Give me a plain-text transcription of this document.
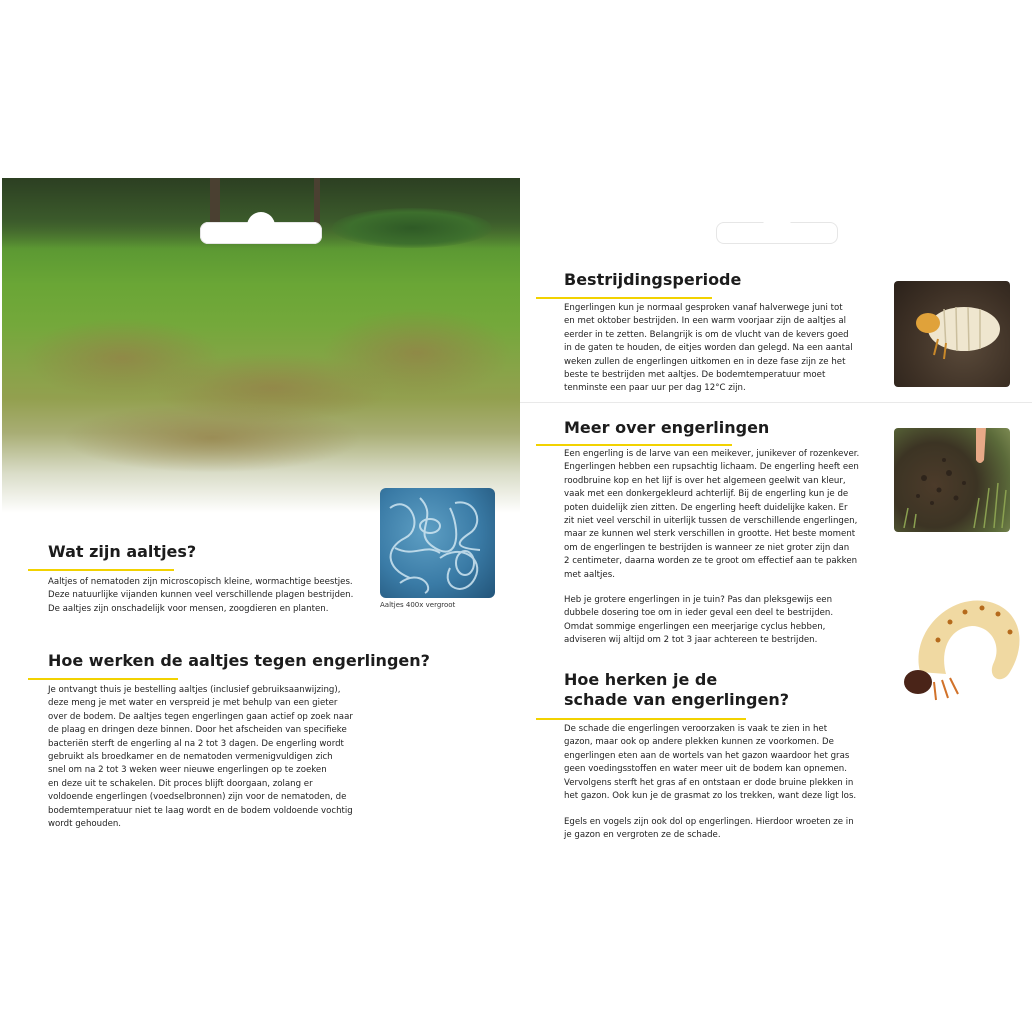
Aaltjes 400x vergroot
Wat zijn aaltjes?

Aaltjes of nematoden zijn microscopisch kleine, wormachtige beestjes.
Deze natuurlijke vijanden kunnen veel verschillende plagen bestrijden.
De aaltjes zijn onschadelijk voor mensen, zoogdieren en planten.

Hoe werken de aaltjes tegen engerlingen?

Je ontvangt thuis je bestelling aaltjes (inclusief gebruiksaanwijzing),
deze meng je met water en verspreid je met behulp van een gieter
over de bodem. De aaltjes tegen engerlingen gaan actief op zoek naar
de plaag en dringen deze binnen. Door het afscheiden van specifieke
bacteriën sterft de engerling al na 2 tot 3 dagen. De engerling wordt
gebruikt als broedkamer en de nematoden vermenigvuldigen zich
snel om na 2 tot 3 weken weer nieuwe engerlingen op te zoeken
en deze uit te schakelen. Dit proces blijft doorgaan, zolang er
voldoende engerlingen (voedselbronnen) zijn voor de nematoden, de
bodemtemperatuur niet te laag wordt en de bodem voldoende vochtig
wordt gehouden.

Bestrijdingsperiode

Engerlingen kun je normaal gesproken vanaf halverwege juni tot
en met oktober bestrijden. In een warm voorjaar zijn de aaltjes al
eerder in te zetten. Belangrijk is om de vlucht van de kevers goed
in de gaten te houden, de eitjes worden dan gelegd. Na een aantal
weken zullen de engerlingen uitkomen en in deze fase zijn ze het
beste te bestrijden met aaltjes. De bodemtemperatuur moet tenminste een paar uur per dag 12°C zijn.

Meer over engerlingen

Een engerling is de larve van een meikever, junikever of rozenkever.
Engerlingen hebben een rupsachtig lichaam. De engerling heeft een
roodbruine kop en het lijf is over het algemeen geelwit van kleur,
vaak met een donkergekleurd achterlijf. Bij de engerling kun je de
poten duidelijk zien zitten. De engerling heeft duidelijke kaken. Er
zit niet veel verschil in uiterlijk tussen de verschillende engerlingen,
maar ze kunnen wel sterk verschillen in grootte. Het beste moment
om de engerlingen te bestrijden is wanneer ze niet groter zijn dan
2 centimeter, daarna worden ze te groot om effectief aan te pakken
met aaltjes.

Heb je grotere engerlingen in je tuin? Pas dan pleksgewijs een
dubbele dosering toe om in ieder geval een deel te bestrijden.
Omdat sommige engerlingen een meerjarige cyclus hebben,
adviseren wij altijd om 2 tot 3 jaar achtereen te bestrijden.

Hoe herken je de
schade van engerlingen?

De schade die engerlingen veroorzaken is vaak te zien in het
gazon, maar ook op andere plekken kunnen ze voorkomen. De
engerlingen eten aan de wortels van het gazon waardoor het gras
geen voedingsstoffen en water meer uit de bodem kan opnemen.
Vervolgens sterft het gras af en ontstaan er dode bruine plekken in
het gazon. Ook kun je de grasmat zo los trekken, want deze ligt los.

Egels en vogels zijn ook dol op engerlingen. Hierdoor wroeten ze in
je gazon en vergroten ze de schade.
